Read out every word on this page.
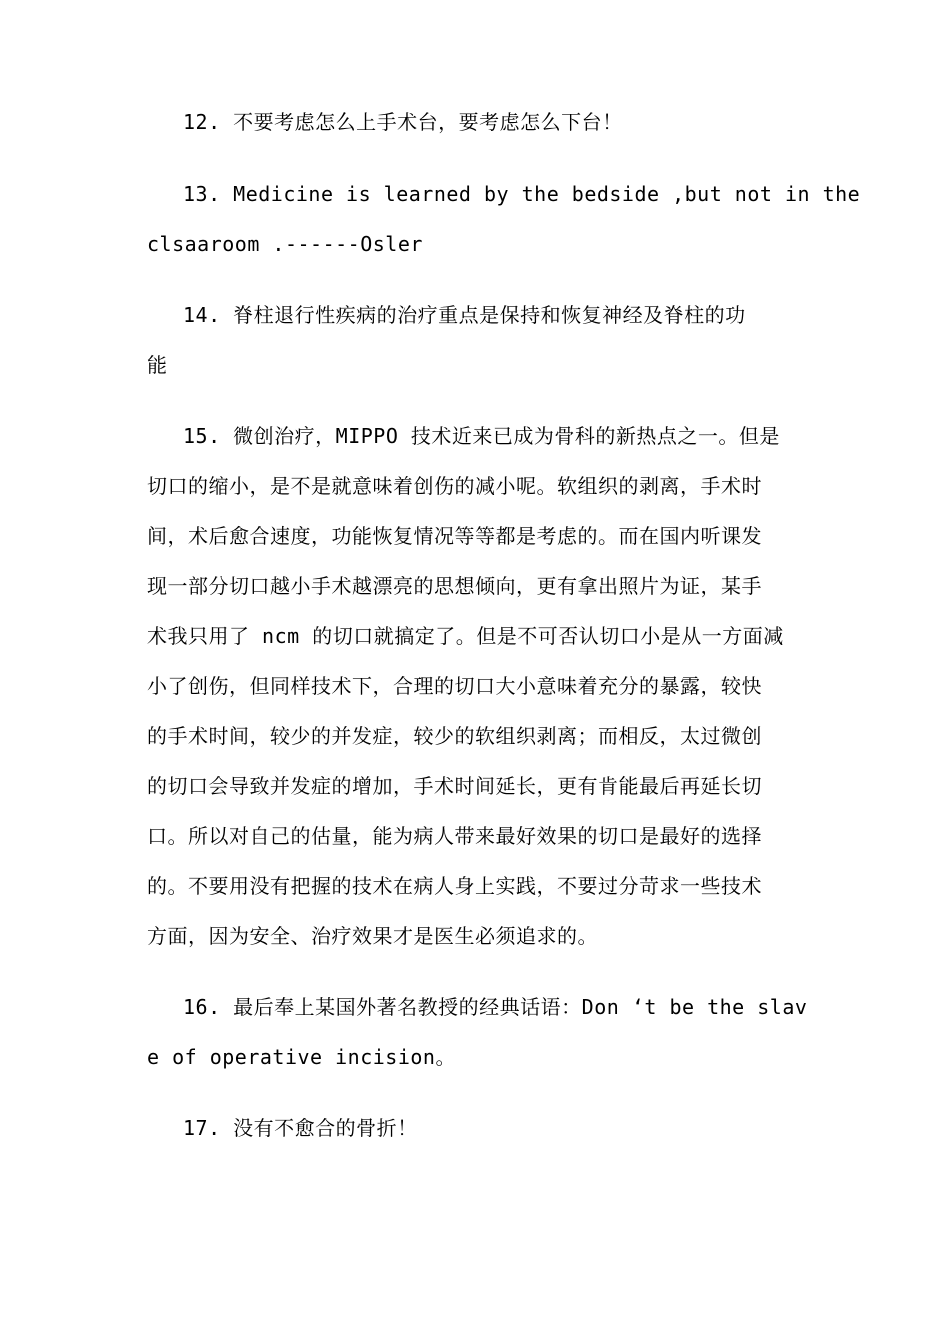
12. 不要考虑怎么上手术台，要考虑怎么下台！
13. Medicine is learned by the bedside ,but not in the
clsaaroom .------Osler
14. 脊柱退行性疾病的治疗重点是保持和恢复神经及脊柱的功
能
15. 微创治疗，MIPPO 技术近来已成为骨科的新热点之一。但是
切口的缩小，是不是就意味着创伤的减小呢。软组织的剥离，手术时
间，术后愈合速度，功能恢复情况等等都是考虑的。而在国内听课发
现一部分切口越小手术越漂亮的思想倾向，更有拿出照片为证，某手
术我只用了 ncm 的切口就搞定了。但是不可否认切口小是从一方面减
小了创伤，但同样技术下，合理的切口大小意味着充分的暴露，较快
的手术时间，较少的并发症，较少的软组织剥离；而相反，太过微创
的切口会导致并发症的增加，手术时间延长，更有肯能最后再延长切
口。所以对自己的估量，能为病人带来最好效果的切口是最好的选择
的。不要用没有把握的技术在病人身上实践，不要过分苛求一些技术
方面，因为安全、治疗效果才是医生必须追求的。
16. 最后奉上某国外著名教授的经典话语：Don ‘t be the slav
e of operative incision。
17. 没有不愈合的骨折！
